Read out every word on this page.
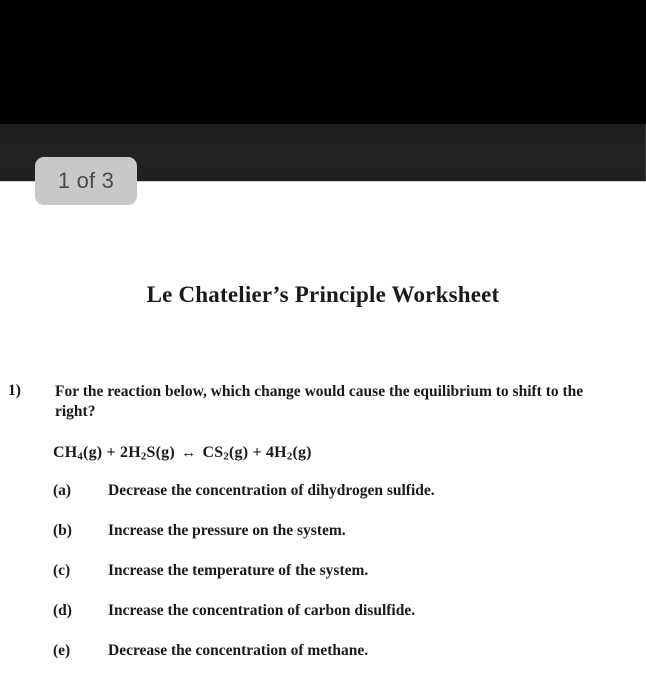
1 of 3
Le Chatelier’s Principle Worksheet
1) For the reaction below, which change would cause the equilibrium to shift to the right?
$CH_4(g) + 2H_2S(g)$ ↔ $CS_2(g) + 4H_2(g)$
(a) Decrease the concentration of dihydrogen sulfide.
(b) Increase the pressure on the system.
(c) Increase the temperature of the system.
(d) Increase the concentration of carbon disulfide.
(e) Decrease the concentration of methane.
